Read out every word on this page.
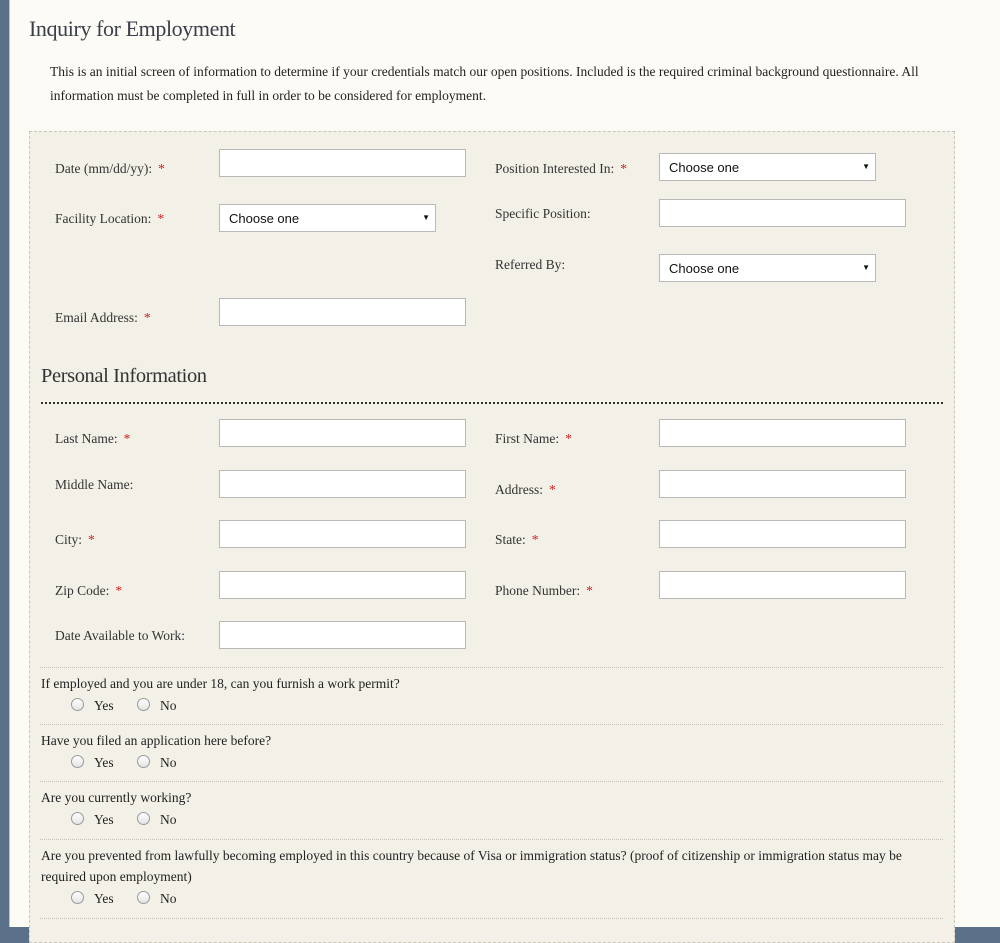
Inquiry for Employment
This is an initial screen of information to determine if your credentials match our open positions. Included is the required criminal background questionnaire. All information must be completed in full in order to be considered for employment.
Date (mm/dd/yy): *	Position Interested In: *	Choose one	▼
Facility Location: *	Choose one	▼	Specific Position:
Referred By:	Choose one	▼
Email Address: *
Personal Information
Last Name: *	First Name: *
Middle Name:	Address: *
City: *	State: *
Zip Code: *	Phone Number: *
Date Available to Work:
If employed and you are under 18, can you furnish a work permit?
Yes	No
Have you filed an application here before?
Yes	No
Are you currently working?
Yes	No
Are you prevented from lawfully becoming employed in this country because of Visa or immigration status? (proof of citizenship or immigration status may be required upon employment)
Yes	No
